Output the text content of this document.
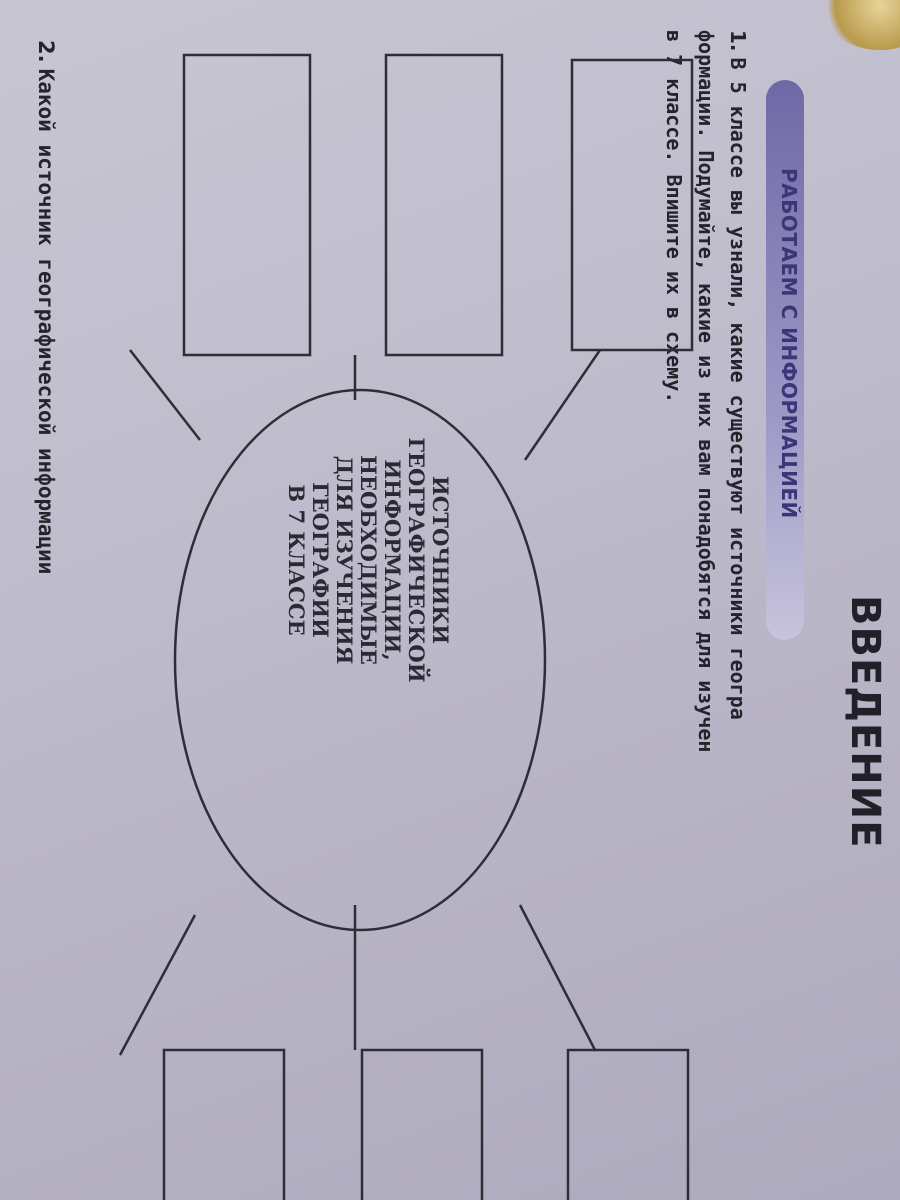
ВВЕДЕНИЕ
РАБОТАЕМ С ИНФОРМАЦИЕЙ
1.В 5 классе вы узнали, какие существуют источники геогра
формации. Подумайте, какие из них вам понадобятся для изучен
в 7 классе. Впишите их в схему.
ИСТОЧНИКИ
ГЕОГРАФИЧЕСКОЙ
ИНФОРМАЦИИ,
НЕОБХОДИМЫЕ
ДЛЯ ИЗУЧЕНИЯ
ГЕОГРАФИИ
В 7 КЛАССЕ
2.Какой источник географической информации
